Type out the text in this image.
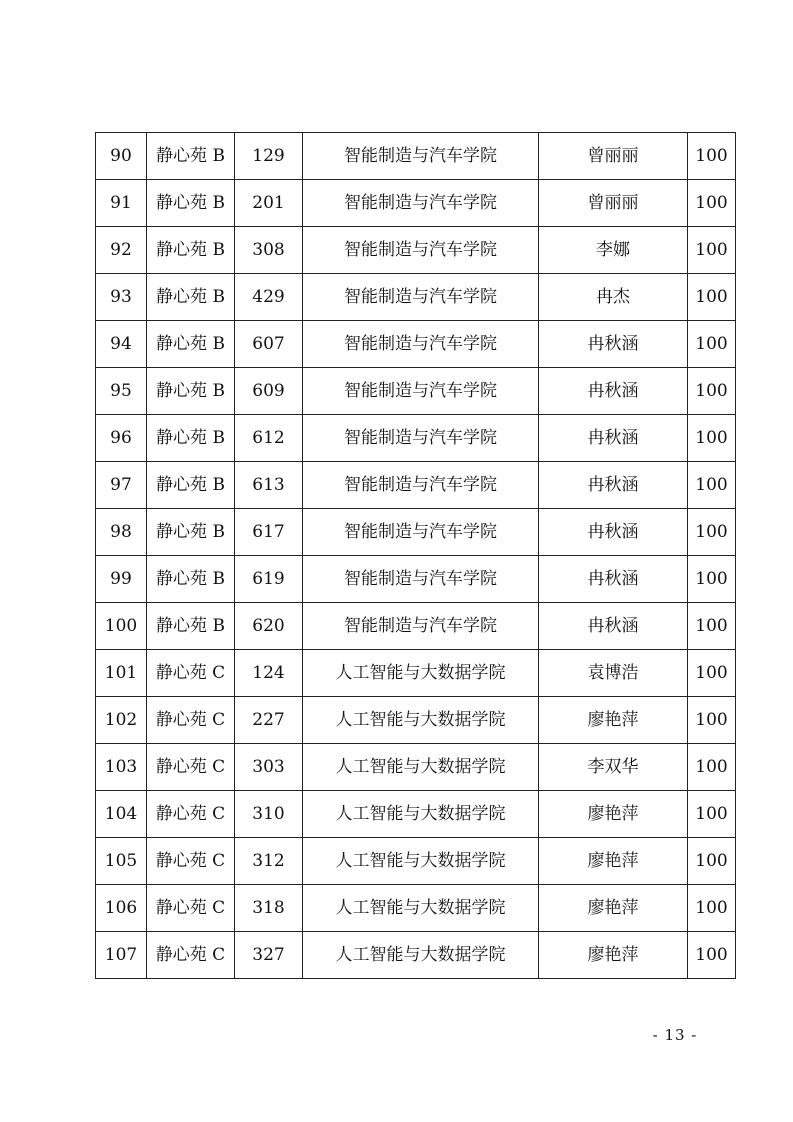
90	静心苑 B	129	智能制造与汽车学院	曾丽丽	100
91	静心苑 B	201	智能制造与汽车学院	曾丽丽	100
92	静心苑 B	308	智能制造与汽车学院	李娜	100
93	静心苑 B	429	智能制造与汽车学院	冉杰	100
94	静心苑 B	607	智能制造与汽车学院	冉秋涵	100
95	静心苑 B	609	智能制造与汽车学院	冉秋涵	100
96	静心苑 B	612	智能制造与汽车学院	冉秋涵	100
97	静心苑 B	613	智能制造与汽车学院	冉秋涵	100
98	静心苑 B	617	智能制造与汽车学院	冉秋涵	100
99	静心苑 B	619	智能制造与汽车学院	冉秋涵	100
100	静心苑 B	620	智能制造与汽车学院	冉秋涵	100
101	静心苑 C	124	人工智能与大数据学院	袁博浩	100
102	静心苑 C	227	人工智能与大数据学院	廖艳萍	100
103	静心苑 C	303	人工智能与大数据学院	李双华	100
104	静心苑 C	310	人工智能与大数据学院	廖艳萍	100
105	静心苑 C	312	人工智能与大数据学院	廖艳萍	100
106	静心苑 C	318	人工智能与大数据学院	廖艳萍	100
107	静心苑 C	327	人工智能与大数据学院	廖艳萍	100
- 13 -
